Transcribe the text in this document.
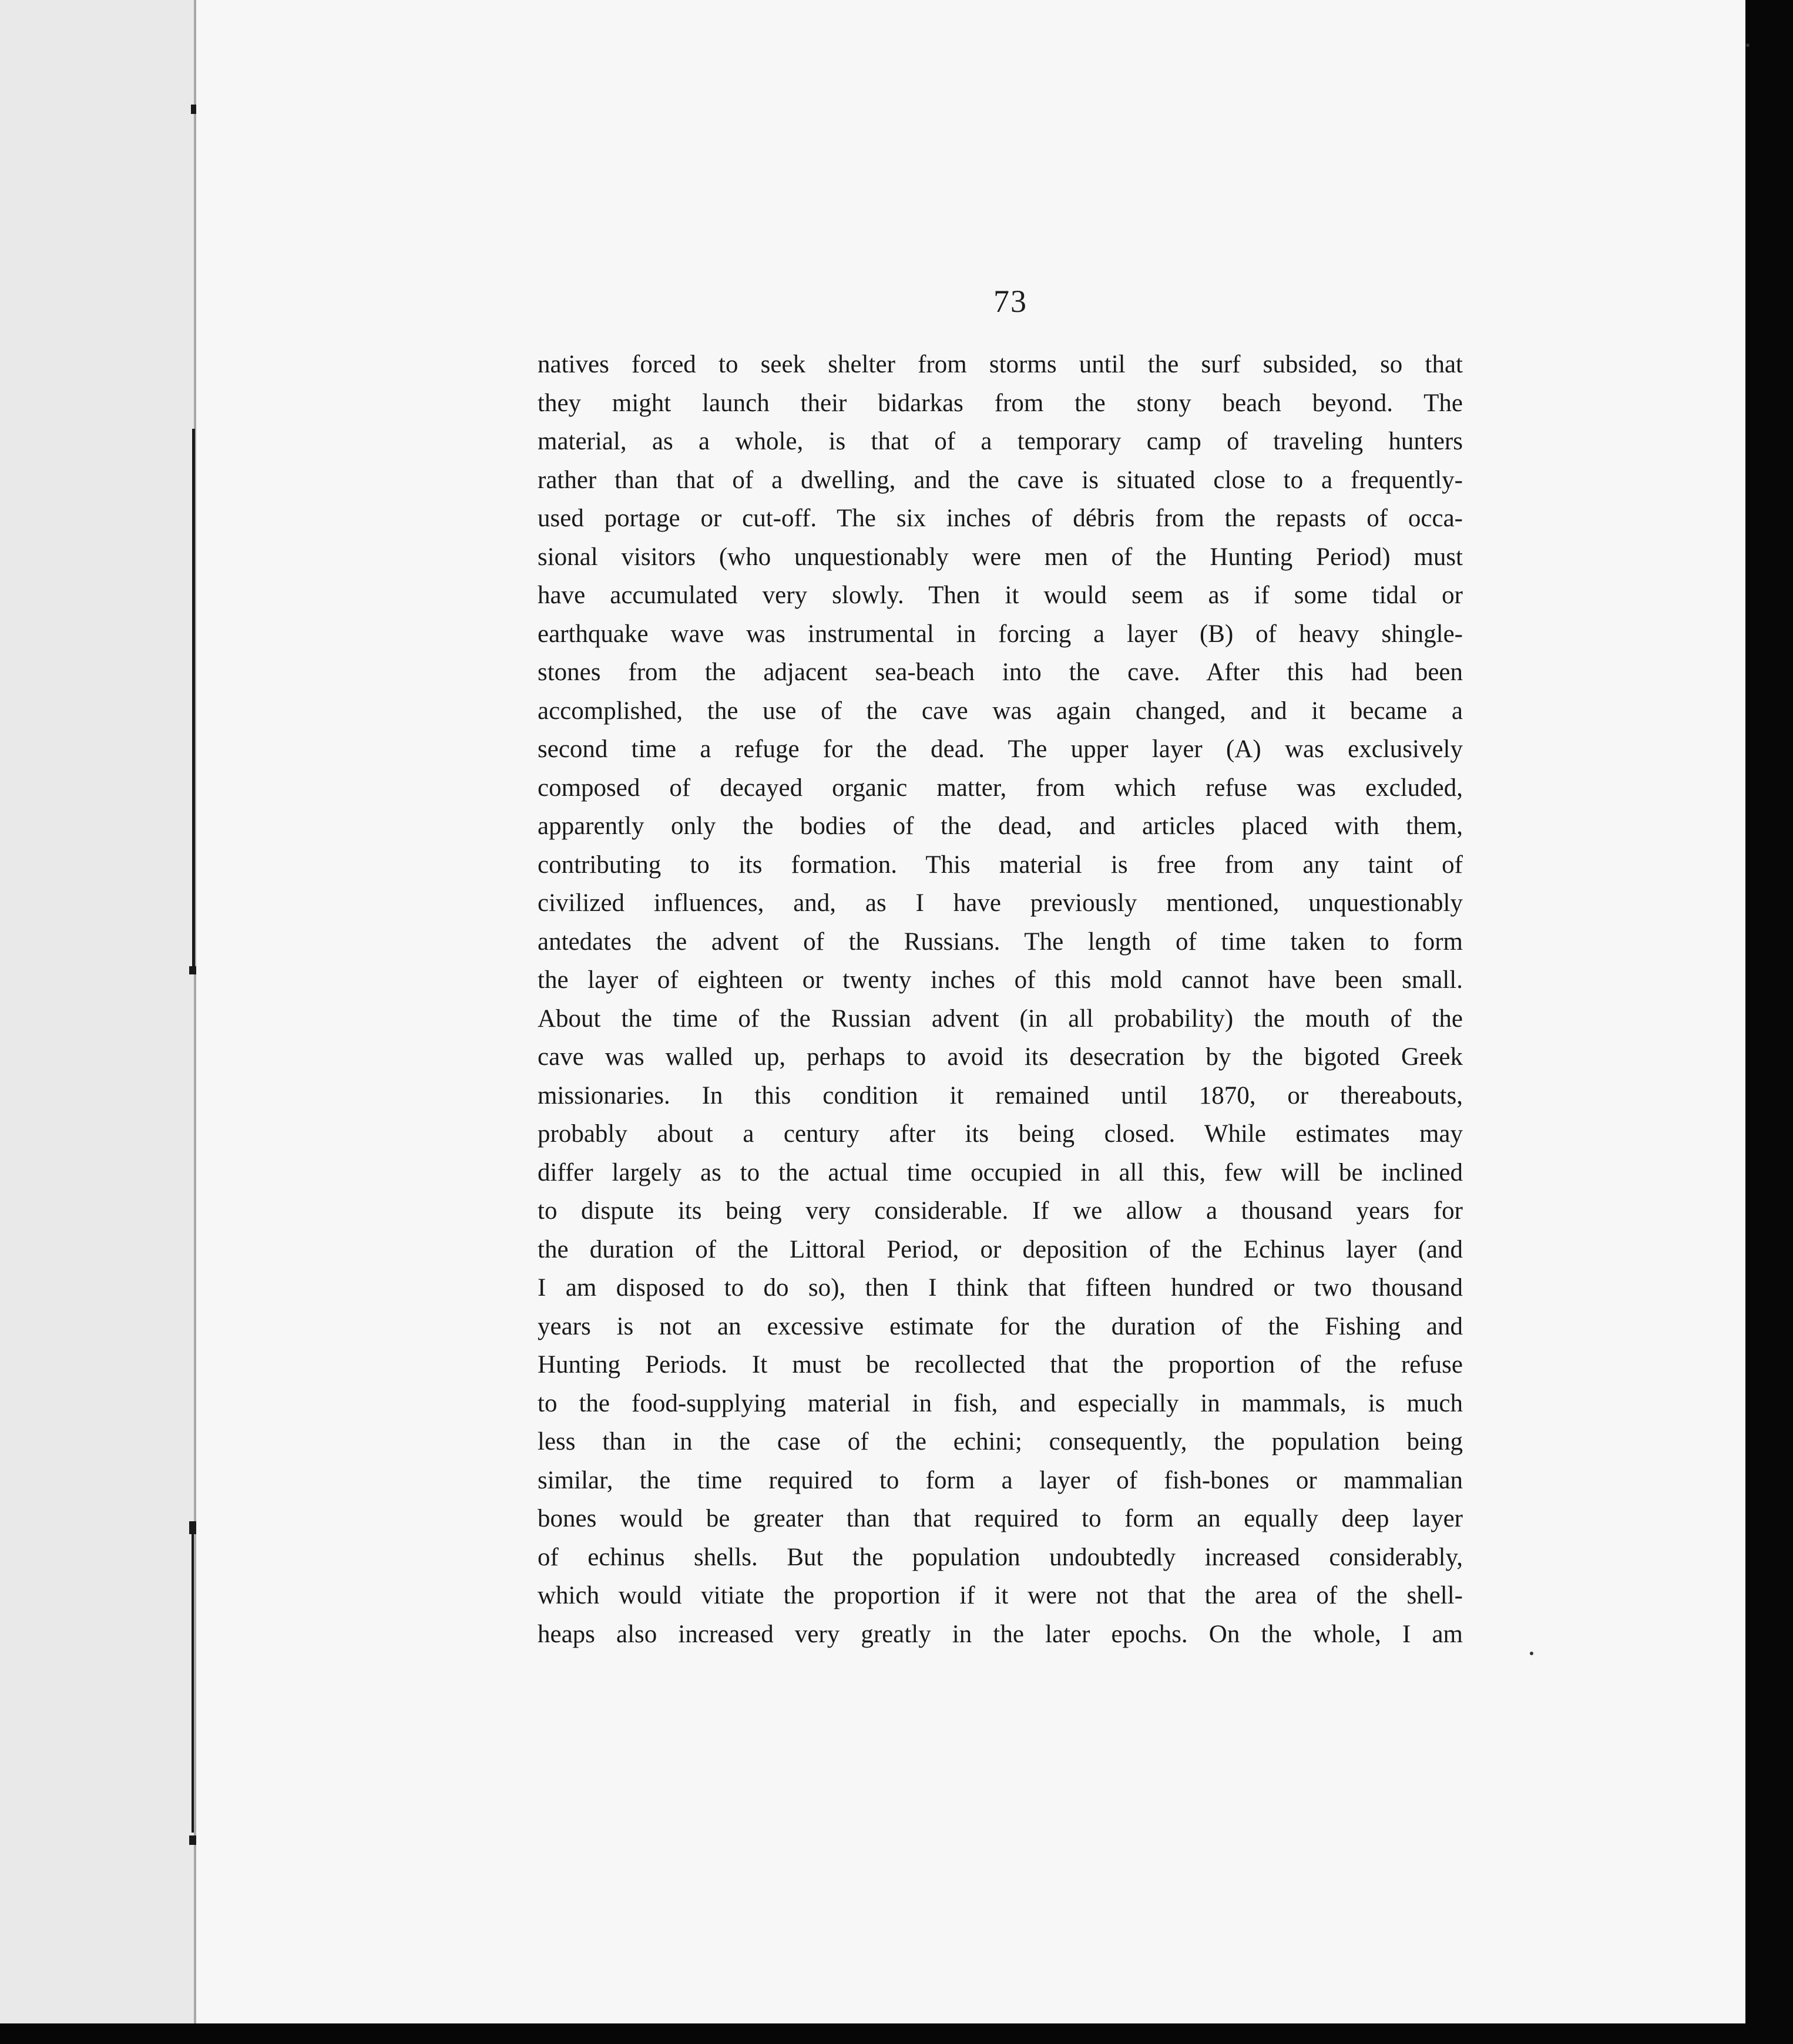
73
natives forced to seek shelter from storms until the surf subsided, so that
they might launch their bidarkas from the stony beach beyond. The
material, as a whole, is that of a temporary camp of traveling hunters
rather than that of a dwelling, and the cave is situated close to a frequently-
used portage or cut-off. The six inches of débris from the repasts of occa-
sional visitors (who unquestionably were men of the Hunting Period) must
have accumulated very slowly. Then it would seem as if some tidal or
earthquake wave was instrumental in forcing a layer (B) of heavy shingle-
stones from the adjacent sea-beach into the cave. After this had been
accomplished, the use of the cave was again changed, and it became a
second time a refuge for the dead. The upper layer (A) was exclusively
composed of decayed organic matter, from which refuse was excluded,
apparently only the bodies of the dead, and articles placed with them,
contributing to its formation. This material is free from any taint of
civilized influences, and, as I have previously mentioned, unquestionably
antedates the advent of the Russians. The length of time taken to form
the layer of eighteen or twenty inches of this mold cannot have been small.
About the time of the Russian advent (in all probability) the mouth of the
cave was walled up, perhaps to avoid its desecration by the bigoted Greek
missionaries. In this condition it remained until 1870, or thereabouts,
probably about a century after its being closed. While estimates may
differ largely as to the actual time occupied in all this, few will be inclined
to dispute its being very considerable. If we allow a thousand years for
the duration of the Littoral Period, or deposition of the Echinus layer (and
I am disposed to do so), then I think that fifteen hundred or two thousand
years is not an excessive estimate for the duration of the Fishing and
Hunting Periods. It must be recollected that the proportion of the refuse
to the food-supplying material in fish, and especially in mammals, is much
less than in the case of the echini; consequently, the population being
similar, the time required to form a layer of fish-bones or mammalian
bones would be greater than that required to form an equally deep layer
of echinus shells. But the population undoubtedly increased considerably,
which would vitiate the proportion if it were not that the area of the shell-
heaps also increased very greatly in the later epochs. On the whole, I am
